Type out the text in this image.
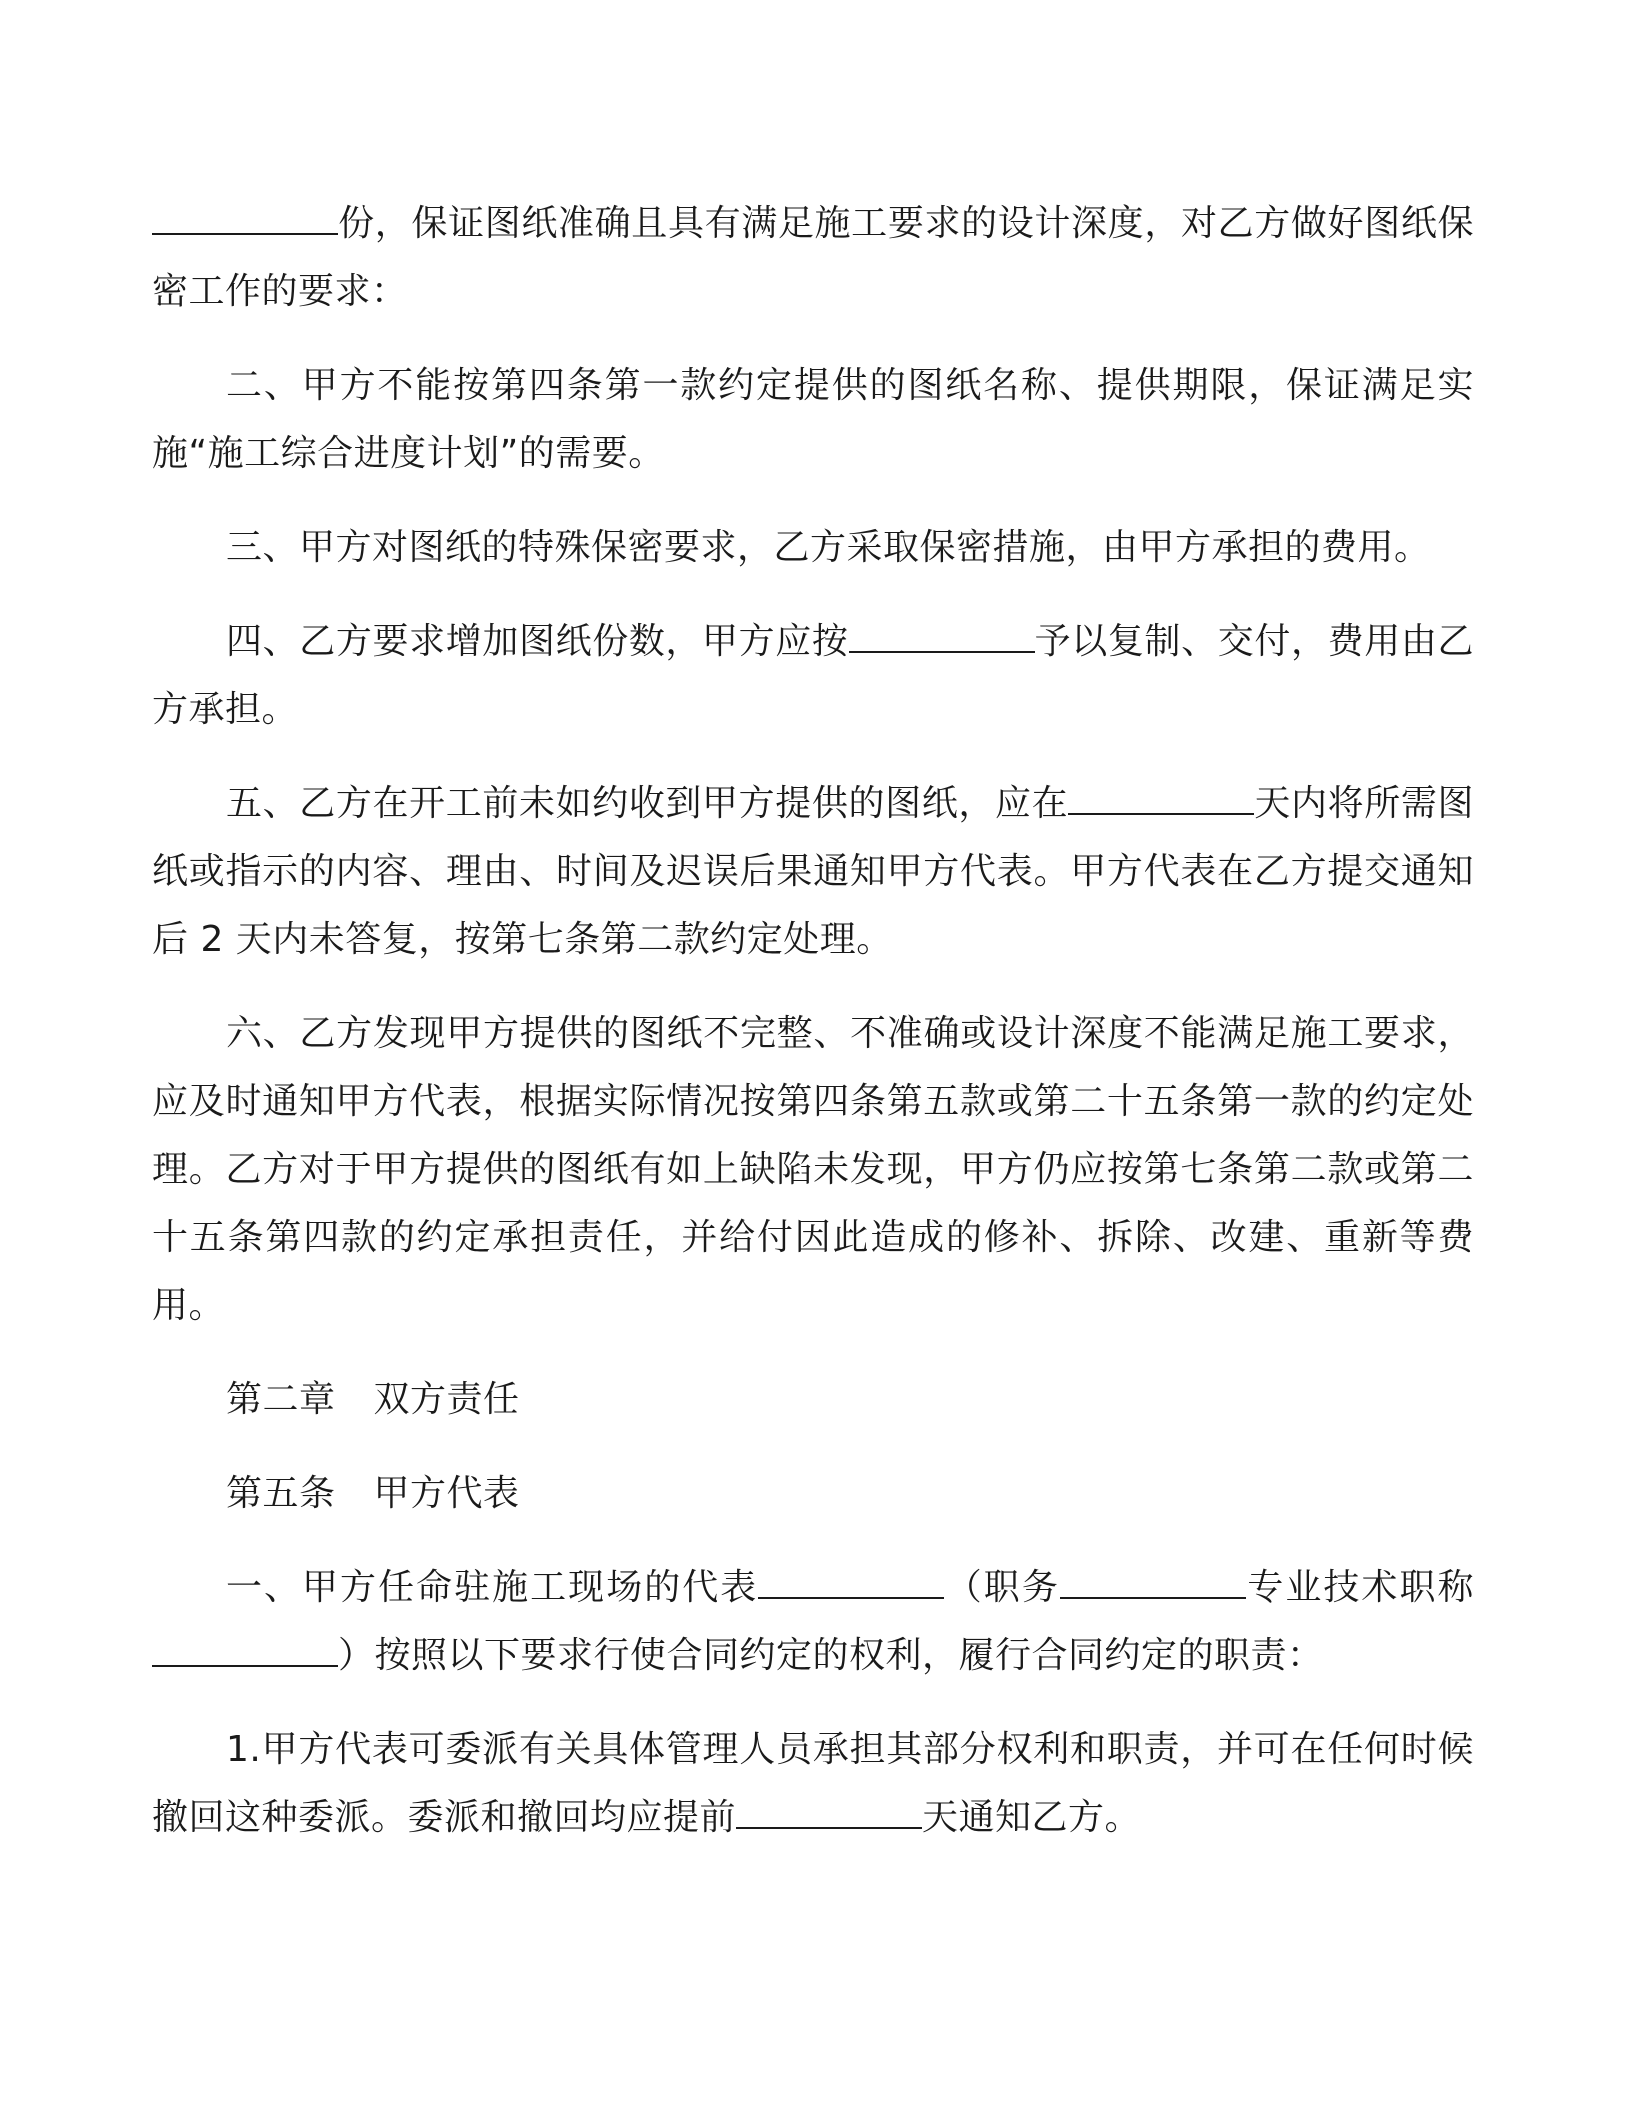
份，保证图纸准确且具有满足施工要求的设计深度，对乙方做好图纸保密工作的要求：

二、甲方不能按第四条第一款约定提供的图纸名称、提供期限，保证满足实施“施工综合进度计划”的需要。

三、甲方对图纸的特殊保密要求，乙方采取保密措施，由甲方承担的费用。

四、乙方要求增加图纸份数，甲方应按	予以复制、交付，费用由乙方承担。

五、乙方在开工前未如约收到甲方提供的图纸，应在	天内将所需图纸或指示的内容、理由、时间及迟误后果通知甲方代表。甲方代表在乙方提交通知后 2 天内未答复，按第七条第二款约定处理。

六、乙方发现甲方提供的图纸不完整、不准确或设计深度不能满足施工要求，应及时通知甲方代表，根据实际情况按第四条第五款或第二十五条第一款的约定处理。乙方对于甲方提供的图纸有如上缺陷未发现，甲方仍应按第七条第二款或第二十五条第四款的约定承担责任，并给付因此造成的修补、拆除、改建、重新等费用。

第二章 双方责任

第五条 甲方代表

一、甲方任命驻施工现场的代表	（职务	专业技术职称）按照以下要求行使合同约定的权利，履行合同约定的职责：

1.甲方代表可委派有关具体管理人员承担其部分权利和职责，并可在任何时候撤回这种委派。委派和撤回均应提前	天通知乙方。
